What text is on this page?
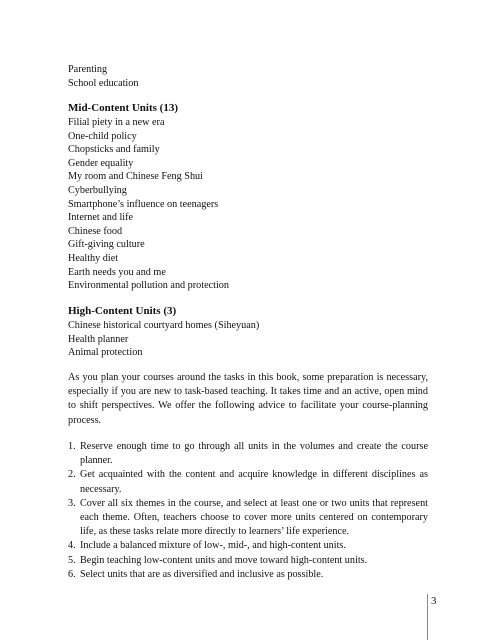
Parenting
School education
Mid-Content Units (13)
Filial piety in a new era
One-child policy
Chopsticks and family
Gender equality
My room and Chinese Feng Shui
Cyberbullying
Smartphone’s influence on teenagers
Internet and life
Chinese food
Gift-giving culture
Healthy diet
Earth needs you and me
Environmental pollution and protection
High-Content Units (3)
Chinese historical courtyard homes (Siheyuan)
Health planner
Animal protection

As you plan your courses around the tasks in this book, some preparation is necessary, especially if you are new to task-based teaching. It takes time and an active, open mind to shift perspectives. We offer the following advice to facilitate your course-planning process.

1. Reserve enough time to go through all units in the volumes and create the course planner.
2. Get acquainted with the content and acquire knowledge in different disciplines as necessary.
3. Cover all six themes in the course, and select at least one or two units that represent each theme. Often, teachers choose to cover more units centered on contemporary life, as these tasks relate more directly to learners’ life experience.
4. Include a balanced mixture of low-, mid-, and high-content units.
5. Begin teaching low-content units and move toward high-content units.
6. Select units that are as diversified and inclusive as possible.
3
